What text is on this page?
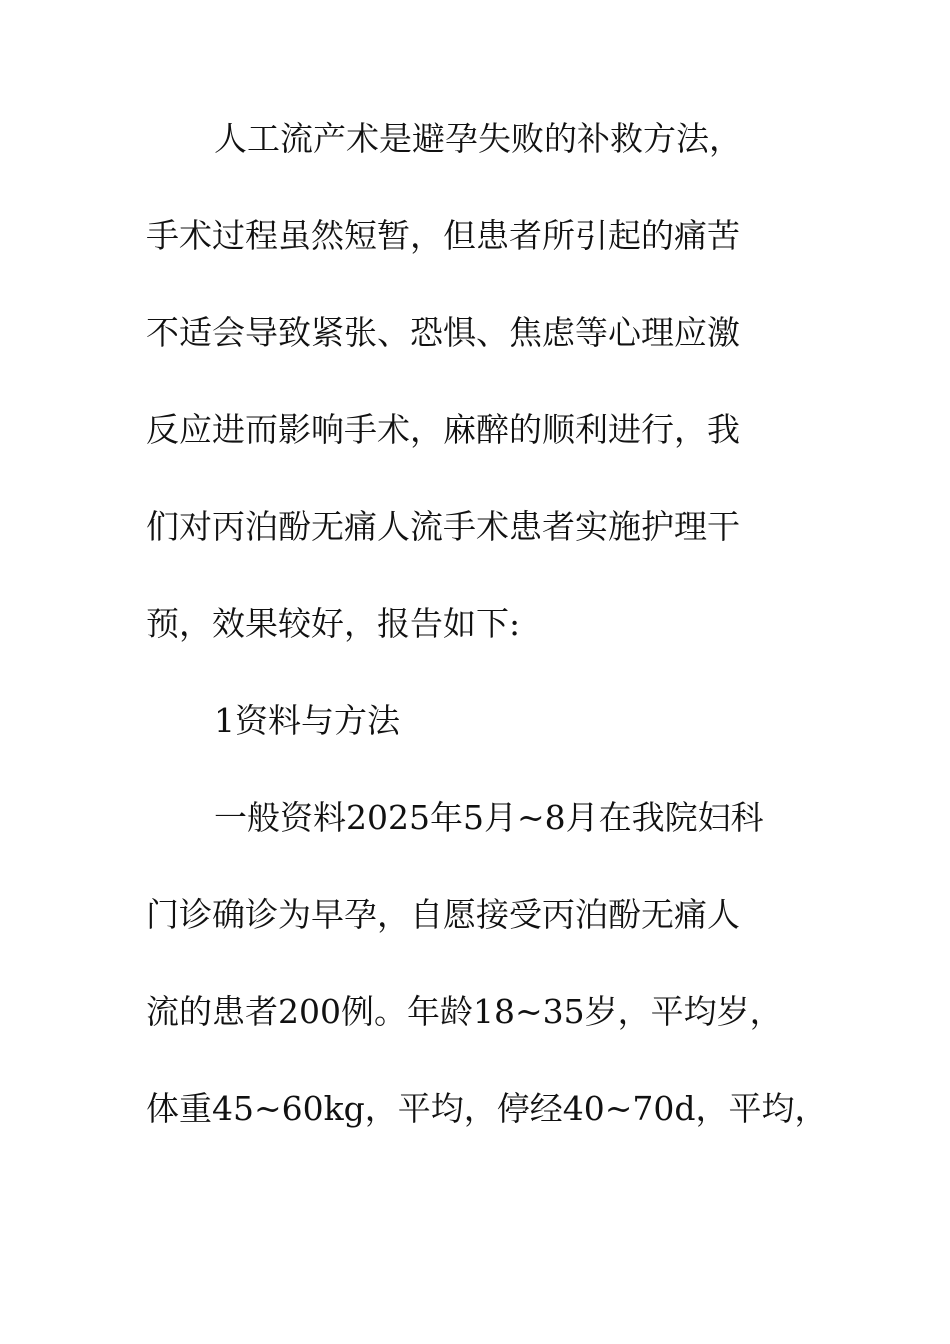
人工流产术是避孕失败的补救方法，
手术过程虽然短暂，但患者所引起的痛苦
不适会导致紧张、恐惧、焦虑等心理应激
反应进而影响手术，麻醉的顺利进行，我
们对丙泊酚无痛人流手术患者实施护理干
预，效果较好，报告如下:
1资料与方法
一般资料2025年5月~8月在我院妇科
门诊确诊为早孕，自愿接受丙泊酚无痛人
流的患者200例。年龄18~35岁，平均岁，
体重45~60kg，平均，停经40~70d，平均，
